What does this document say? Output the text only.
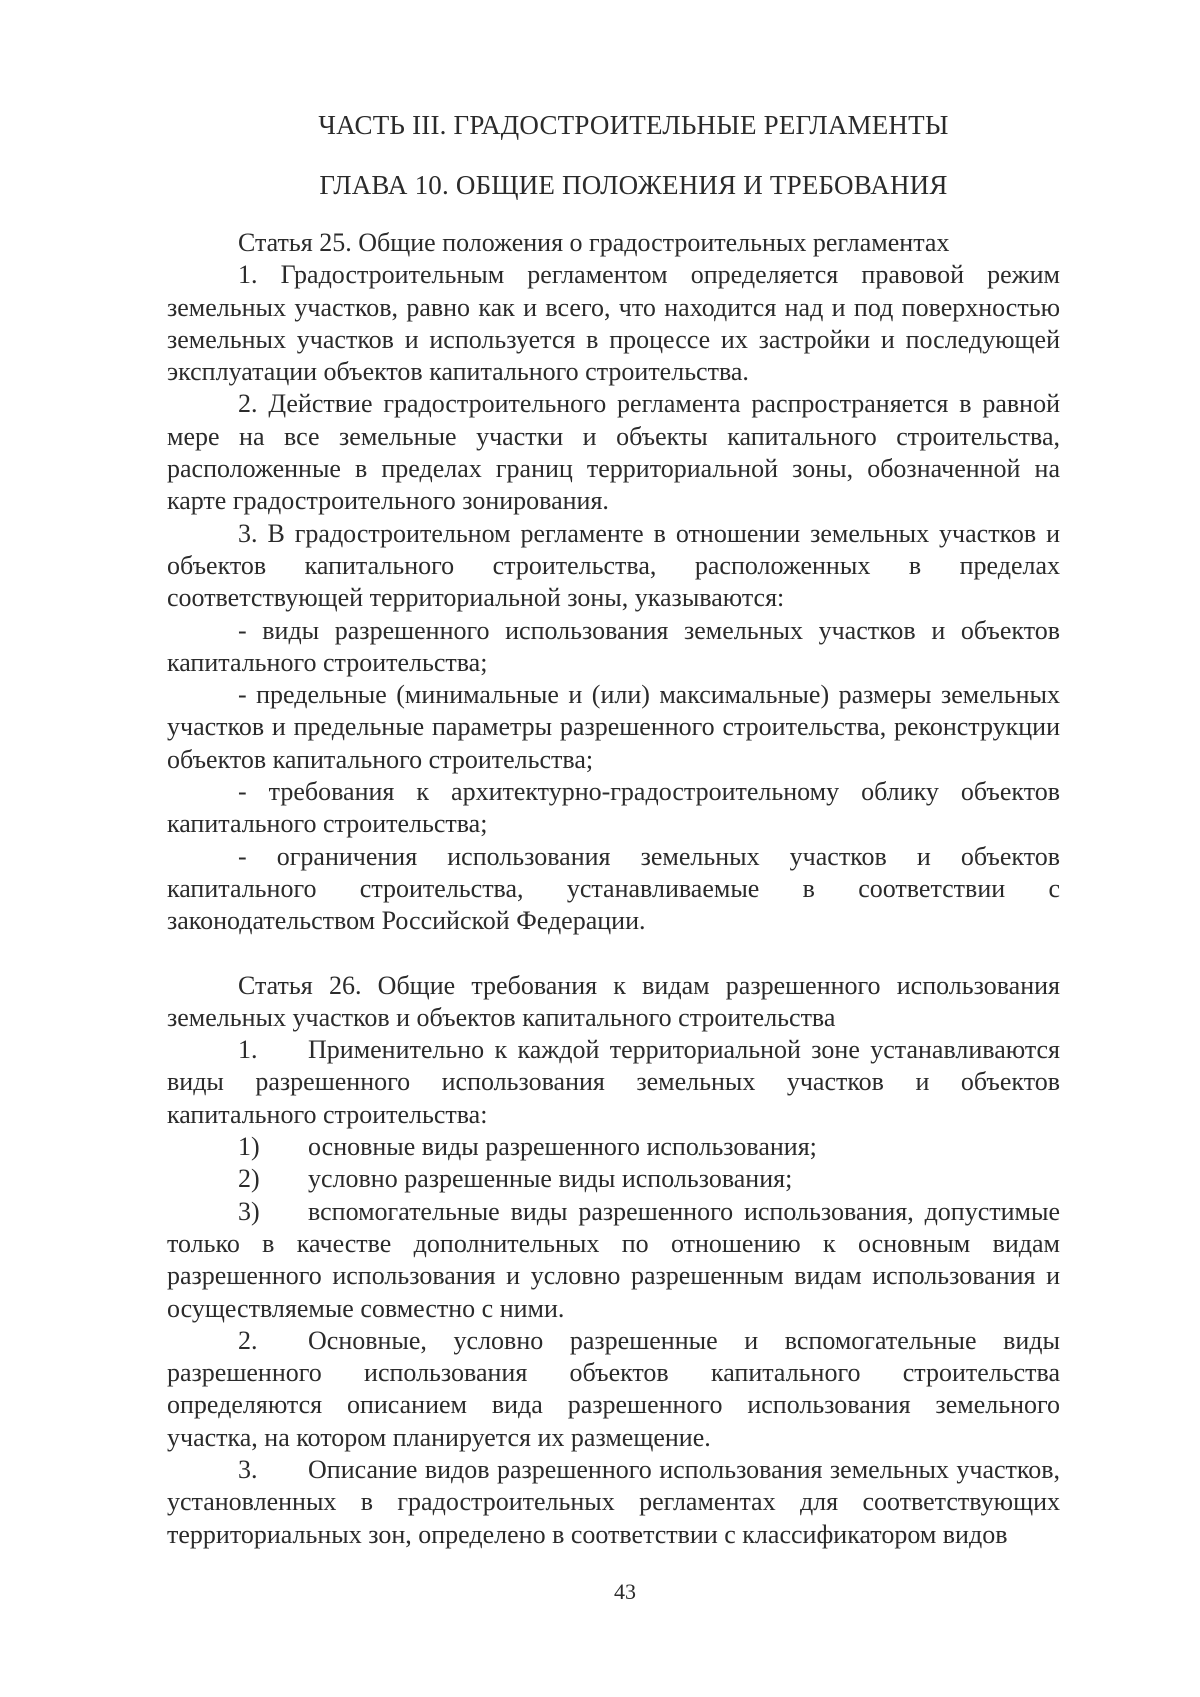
ЧАСТЬ III. ГРАДОСТРОИТЕЛЬНЫЕ РЕГЛАМЕНТЫ
ГЛАВА 10. ОБЩИЕ ПОЛОЖЕНИЯ И ТРЕБОВАНИЯ

Статья 25. Общие положения о градостроительных регламентах

1. Градостроительным регламентом определяется правовой режим земельных участков, равно как и всего, что находится над и под поверхностью земельных участков и используется в процессе их застройки и последующей эксплуатации объектов капитального строительства.

2. Действие градостроительного регламента распространяется в равной мере на все земельные участки и объекты капитального строительства, расположенные в пределах границ территориальной зоны, обозначенной на карте градостроительного зонирования.

3. В градостроительном регламенте в отношении земельных участков и объектов капитального строительства, расположенных в пределах соответствующей территориальной зоны, указываются:

- виды разрешенного использования земельных участков и объектов капитального строительства;

- предельные (минимальные и (или) максимальные) размеры земельных участков и предельные параметры разрешенного строительства, реконструкции объектов капитального строительства;

- требования к архитектурно-градостроительному облику объектов капитального строительства;

- ограничения использования земельных участков и объектов капитального строительства, устанавливаемые в соответствии с законодательством Российской Федерации.

Статья 26. Общие требования к видам разрешенного использования земельных участков и объектов капитального строительства

1. Применительно к каждой территориальной зоне устанавливаются виды разрешенного использования земельных участков и объектов капитального строительства:

1) основные виды разрешенного использования;

2) условно разрешенные виды использования;

3) вспомогательные виды разрешенного использования, допустимые только в качестве дополнительных по отношению к основным видам разрешенного использования и условно разрешенным видам использования и осуществляемые совместно с ними.

2. Основные, условно разрешенные и вспомогательные виды разрешенного использования объектов капитального строительства определяются описанием вида разрешенного использования земельного участка, на котором планируется их размещение.

3. Описание видов разрешенного использования земельных участков, установленных в градостроительных регламентах для соответствующих территориальных зон, определено в соответствии с классификатором видов

43
